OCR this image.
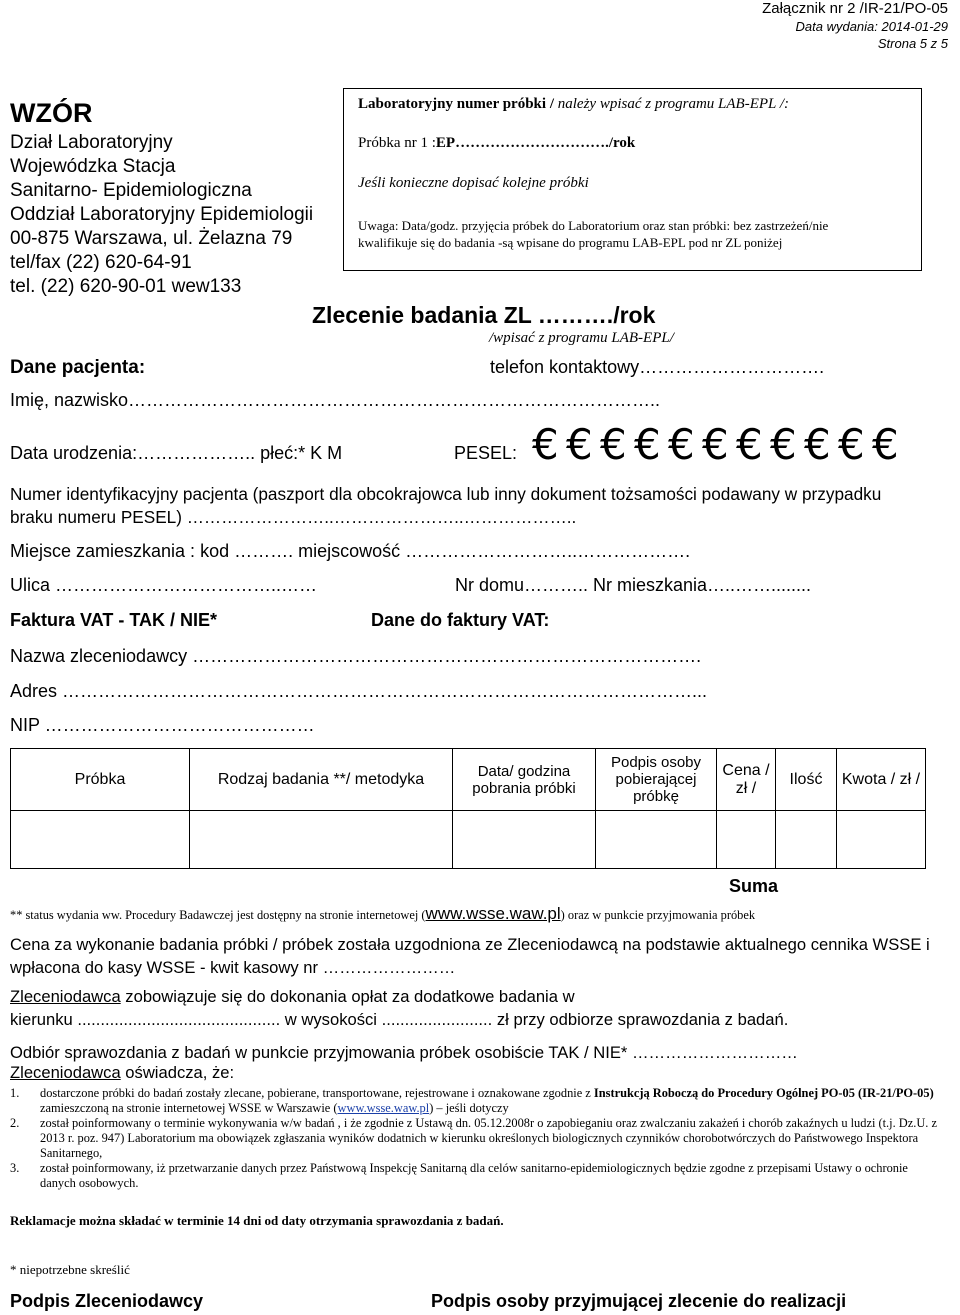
Załącznik nr 2 /IR-21/PO-05
Data wydania: 2014-01-29
Strona 5 z 5
WZÓR
Dział Laboratoryjny
Wojewódzka Stacja
Sanitarno- Epidemiologiczna
Oddział Laboratoryjny Epidemiologii
00-875 Warszawa, ul. Żelazna 79
tel/fax (22) 620-64-91
tel. (22) 620-90-01 wew133
Laboratoryjny numer próbki / należy wpisać z programu LAB-EPL /:
Próbka nr 1 :EP…………………………./rok
Jeśli konieczne dopisać kolejne próbki
Uwaga: Data/godz. przyjęcia próbek do Laboratorium oraz stan próbki: bez zastrzeżeń/nie
kwalifikuje się do badania -są wpisane do programu LAB-EPL pod nr ZL poniżej
Zlecenie badania ZL ………./rok
/wpisać z programu LAB-EPL/
Dane pacjenta:	telefon kontaktowy………………………….
Imię, nazwisko……………………………………………………………………………..
Data urodzenia:……………….. płeć:* K M	PESEL: € € € € € € € € € € €
Numer identyfikacyjny pacjenta (paszport dla obcokrajowca lub inny dokument tożsamości podawany w przypadku
braku numeru PESEL) ……………………..…………………..………………..
Miejsce zamieszkania : kod ………. miejscowość ………………………..……………….
Ulica ………………………………..……	Nr domu……….. Nr mieszkania…..……........
Faktura VAT - TAK / NIE*	Dane do faktury VAT:
Nazwa zleceniodawcy ………………………………………………………………………….
Adres ……………………………………………………………………………………………...
NIP ………………………………………
Próbka	Rodzaj badania **/ metodyka	Data/ godzina pobrania próbki	Podpis osoby pobierającej próbkę	Cena / zł /	Ilość	Kwota / zł /

Suma
** status wydania ww. Procedury Badawczej jest dostępny na stronie internetowej (www.wsse.waw.pl) oraz w punkcie przyjmowania próbek
Cena za wykonanie badania próbki / próbek została uzgodniona ze Zleceniodawcą na podstawie aktualnego cennika WSSE i
wpłacona do kasy WSSE - kwit kasowy nr ……………………
Zleceniodawca zobowiązuje się do dokonania opłat za dodatkowe badania w
kierunku ............................................ w wysokości ........................ zł przy odbiorze sprawozdania z badań.
Odbiór sprawozdania z badań w punkcie przyjmowania próbek osobiście TAK / NIE* …………………………
Zleceniodawca oświadcza, że:
1. dostarczone próbki do badań zostały zlecane, pobierane, transportowane, rejestrowane i oznakowane zgodnie z Instrukcją Roboczą do Procedury Ogólnej PO-05 (IR-21/PO-05) zamieszczoną na stronie internetowej WSSE w Warszawie (www.wsse.waw.pl) – jeśli dotyczy
2. został poinformowany o terminie wykonywania w/w badań , i że zgodnie z Ustawą dn. 05.12.2008r o zapobieganiu oraz zwalczaniu zakażeń i chorób zakaźnych u ludzi (t.j. Dz.U. z 2013 r. poz. 947) Laboratorium ma obowiązek zgłaszania wyników dodatnich w kierunku określonych biologicznych czynników chorobotwórczych do Państwowego Inspektora Sanitarnego,
3. został poinformowany, iż przetwarzanie danych przez Państwową Inspekcję Sanitarną dla celów sanitarno-epidemiologicznych będzie zgodne z przepisami Ustawy o ochronie danych osobowych.
Reklamacje można składać w terminie 14 dni od daty otrzymania sprawozdania z badań.
* niepotrzebne skreślić
Podpis Zleceniodawcy	Podpis osoby przyjmującej zlecenie do realizacji
